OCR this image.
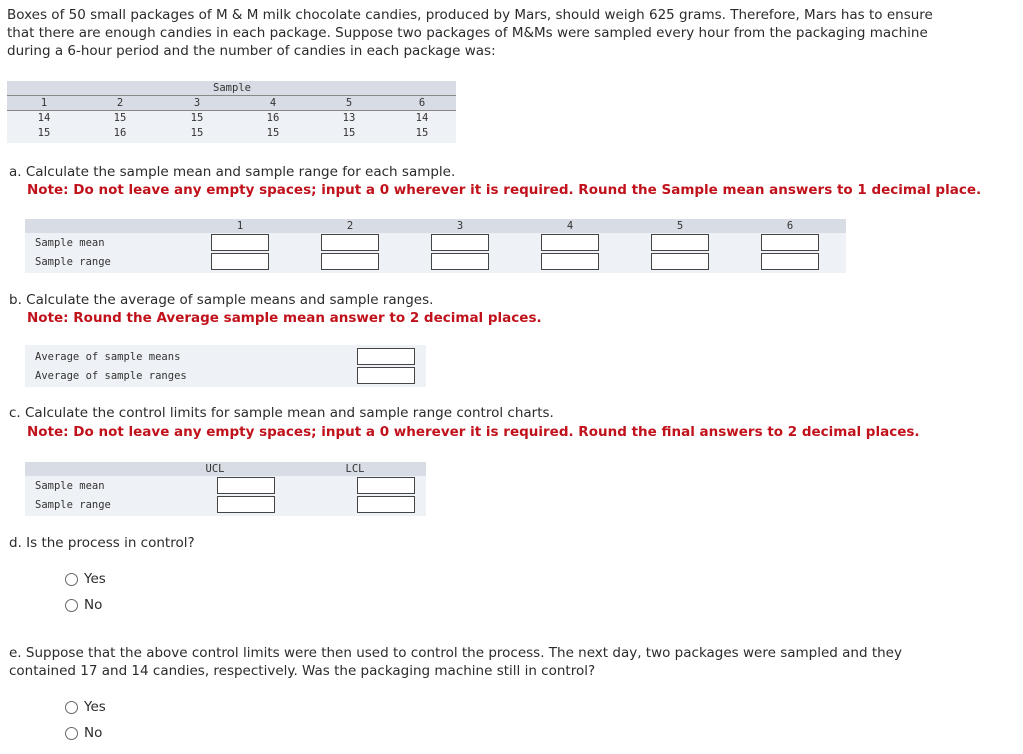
Boxes of 50 small packages of M & M milk chocolate candies, produced by Mars, should weigh 625 grams. Therefore, Mars has to ensure that there are enough candies in each package. Suppose two packages of M&Ms were sampled every hour from the packaging machine during a 6-hour period and the number of candies in each package was:
Sample
1	2	3	4	5	6
14	15	15	16	13	14
15	16	15	15	15	15
a. Calculate the sample mean and sample range for each sample.
Note: Do not leave any empty spaces; input a 0 wherever it is required. Round the Sample mean answers to 1 decimal place.
1	2	3	4	5	6
Sample mean
Sample range
b. Calculate the average of sample means and sample ranges.
Note: Round the Average sample mean answer to 2 decimal places.
Average of sample means
Average of sample ranges
c. Calculate the control limits for sample mean and sample range control charts.
Note: Do not leave any empty spaces; input a 0 wherever it is required. Round the final answers to 2 decimal places.
UCL	LCL
Sample mean
Sample range
d. Is the process in control?
Yes
No
e. Suppose that the above control limits were then used to control the process. The next day, two packages were sampled and they contained 17 and 14 candies, respectively. Was the packaging machine still in control?
Yes
No
